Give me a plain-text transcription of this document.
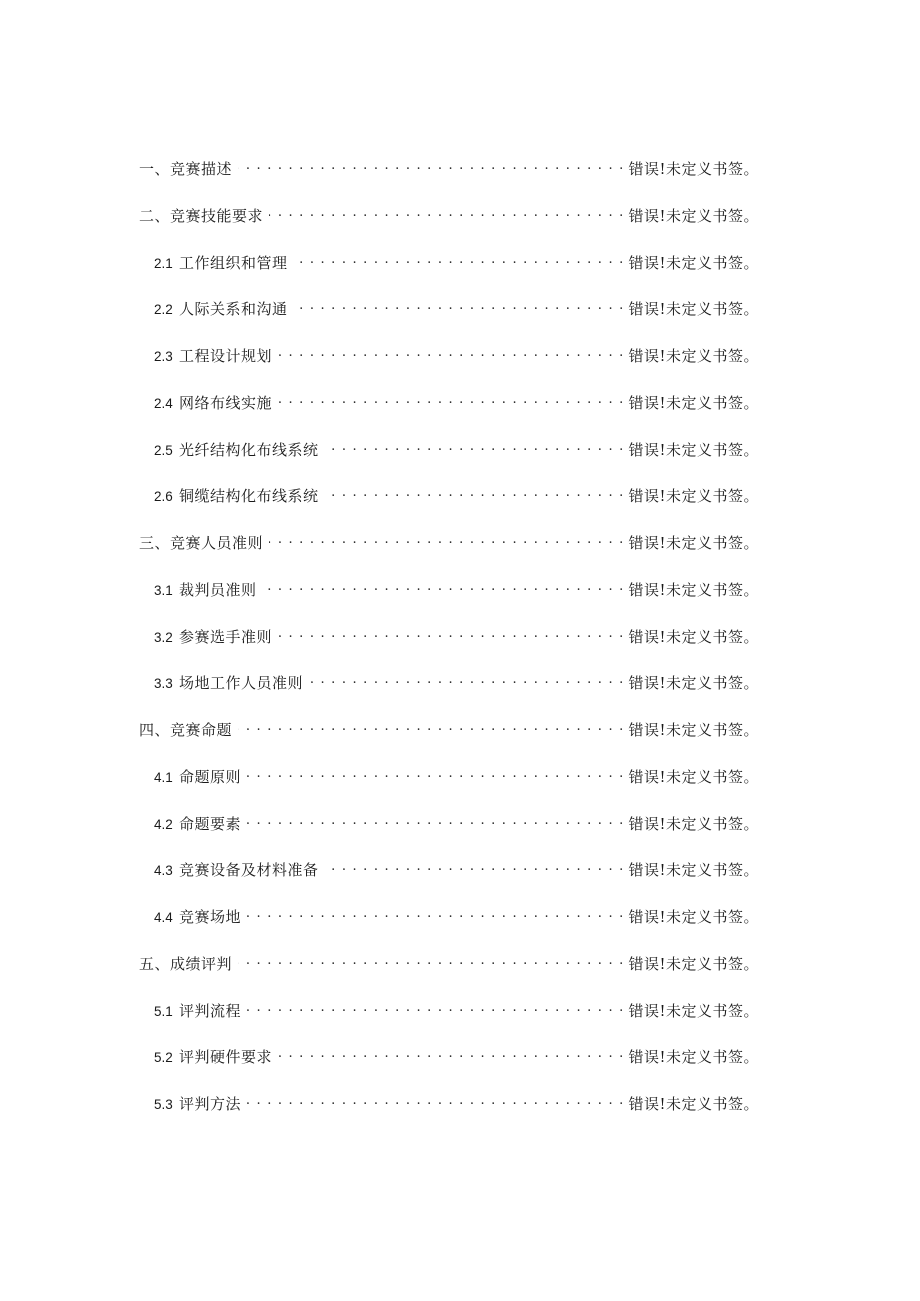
一、竞赛描述 . . .	错误!未定义书签。
二、竞赛技能要求 . . .	错误!未定义书签。
2.1 工作组织和管理 . . .	错误!未定义书签。
2.2 人际关系和沟通 . . .	错误!未定义书签。
2.3 工程设计规划 . . .	错误!未定义书签。
2.4 网络布线实施 . . .	错误!未定义书签。
2.5 光纤结构化布线系统 . . .	错误!未定义书签。
2.6 铜缆结构化布线系统 . . .	错误!未定义书签。
三、竞赛人员准则 . . .	错误!未定义书签。
3.1 裁判员准则 . . .	错误!未定义书签。
3.2 参赛选手准则 . . .	错误!未定义书签。
3.3 场地工作人员准则 . . .	错误!未定义书签。
四、竞赛命题 . . .	错误!未定义书签。
4.1 命题原则 . . .	错误!未定义书签。
4.2 命题要素 . . .	错误!未定义书签。
4.3 竞赛设备及材料准备 . . .	错误!未定义书签。
4.4 竞赛场地 . . .	错误!未定义书签。
五、成绩评判 . . .	错误!未定义书签。
5.1 评判流程 . . .	错误!未定义书签。
5.2 评判硬件要求 . . .	错误!未定义书签。
5.3 评判方法 . . .	错误!未定义书签。
